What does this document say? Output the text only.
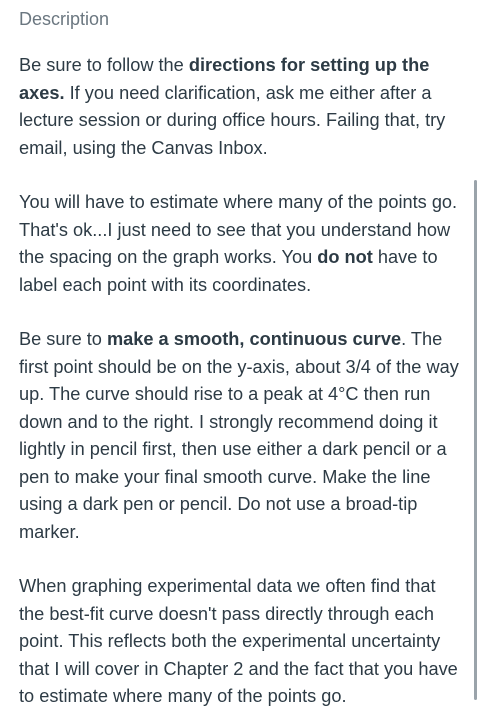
Description

Be sure to follow the directions for setting up the axes. If you need clarification, ask me either after a lecture session or during office hours. Failing that, try email, using the Canvas Inbox.

You will have to estimate where many of the points go. That's ok...I just need to see that you understand how the spacing on the graph works. You do not have to label each point with its coordinates.

Be sure to make a smooth, continuous curve. The first point should be on the y-axis, about 3/4 of the way up. The curve should rise to a peak at 4°C then run down and to the right. I strongly recommend doing it lightly in pencil first, then use either a dark pencil or a pen to make your final smooth curve. Make the line using a dark pen or pencil. Do not use a broad-tip marker.

When graphing experimental data we often find that the best-fit curve doesn't pass directly through each point. This reflects both the experimental uncertainty that I will cover in Chapter 2 and the fact that you have to estimate where many of the points go.
